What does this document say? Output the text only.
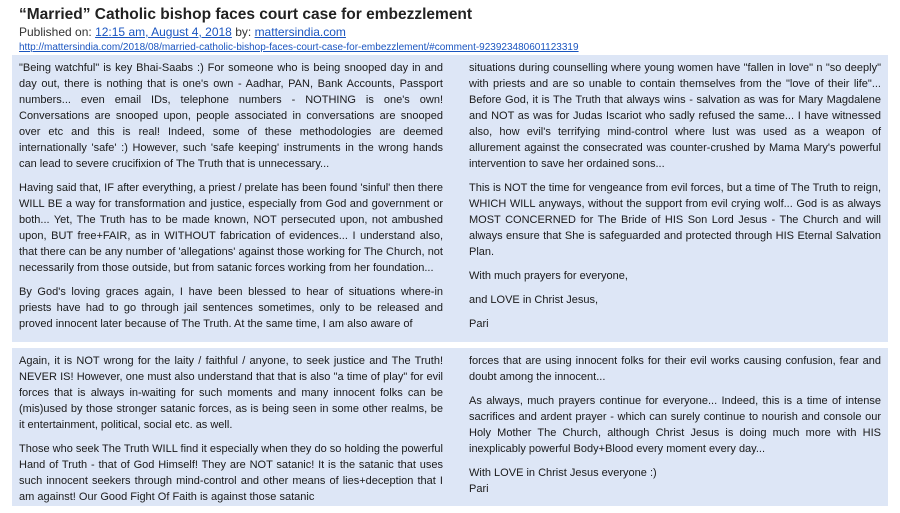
“Married” Catholic bishop faces court case for embezzlement
Published on: 12:15 am, August 4, 2018 by: mattersindia.com
http://mattersindia.com/2018/08/married-catholic-bishop-faces-court-case-for-embezzlement/#comment-923923480601123319

"Being watchful" is key Bhai-Saabs :) For someone who is being snooped day in and day out, there is nothing that is one's own - Aadhar, PAN, Bank Accounts, Passport numbers... even email IDs, telephone numbers - NOTHING is one's own! Conversations are snooped upon, people associated in conversations are snooped over etc and this is real! Indeed, some of these methodologies are deemed internationally 'safe' :) However, such 'safe keeping' instruments in the wrong hands can lead to severe crucifixion of The Truth that is unnecessary...

Having said that, IF after everything, a priest / prelate has been found 'sinful' then there WILL BE a way for transformation and justice, especially from God and government or both... Yet, The Truth has to be made known, NOT persecuted upon, not ambushed upon, BUT free+FAIR, as in WITHOUT fabrication of evidences... I understand also, that there can be any number of 'allegations' against those working for The Church, not necessarily from those outside, but from satanic forces working from her foundation...

By God's loving graces again, I have been blessed to hear of situations where-in priests have had to go through jail sentences sometimes, only to be released and proved innocent later because of The Truth. At the same time, I am also aware of

situations during counselling where young women have "fallen in love" n "so deeply" with priests and are so unable to contain themselves from the "love of their life"... Before God, it is The Truth that always wins - salvation as was for Mary Magdalene and NOT as was for Judas Iscariot who sadly refused the same... I have witnessed also, how evil's terrifying mind-control where lust was used as a weapon of allurement against the consecrated was counter-crushed by Mama Mary's powerful intervention to save her ordained sons...

This is NOT the time for vengeance from evil forces, but a time of The Truth to reign, WHICH WILL anyways, without the support from evil crying wolf... God is as always MOST CONCERNED for The Bride of HIS Son Lord Jesus - The Church and will always ensure that She is safeguarded and protected through HIS Eternal Salvation Plan.

With much prayers for everyone,

and LOVE in Christ Jesus,

Pari

Again, it is NOT wrong for the laity / faithful / anyone, to seek justice and The Truth! NEVER IS! However, one must also understand that that is also "a time of play" for evil forces that is always in-waiting for such moments and many innocent folks can be (mis)used by those stronger satanic forces, as is being seen in some other realms, be it entertainment, political, social etc. as well.

Those who seek The Truth WILL find it especially when they do so holding the powerful Hand of Truth - that of God Himself! They are NOT satanic! It is the satanic that uses such innocent seekers through mind-control and other means of lies+deception that I am against! Our Good Fight Of Faith is against those satanic

forces that are using innocent folks for their evil works causing confusion, fear and doubt among the innocent...

As always, much prayers continue for everyone... Indeed, this is a time of intense sacrifices and ardent prayer - which can surely continue to nourish and console our Holy Mother The Church, although Christ Jesus is doing much more with HIS inexplicably powerful Body+Blood every moment every day...

With LOVE in Christ Jesus everyone :)
Pari
